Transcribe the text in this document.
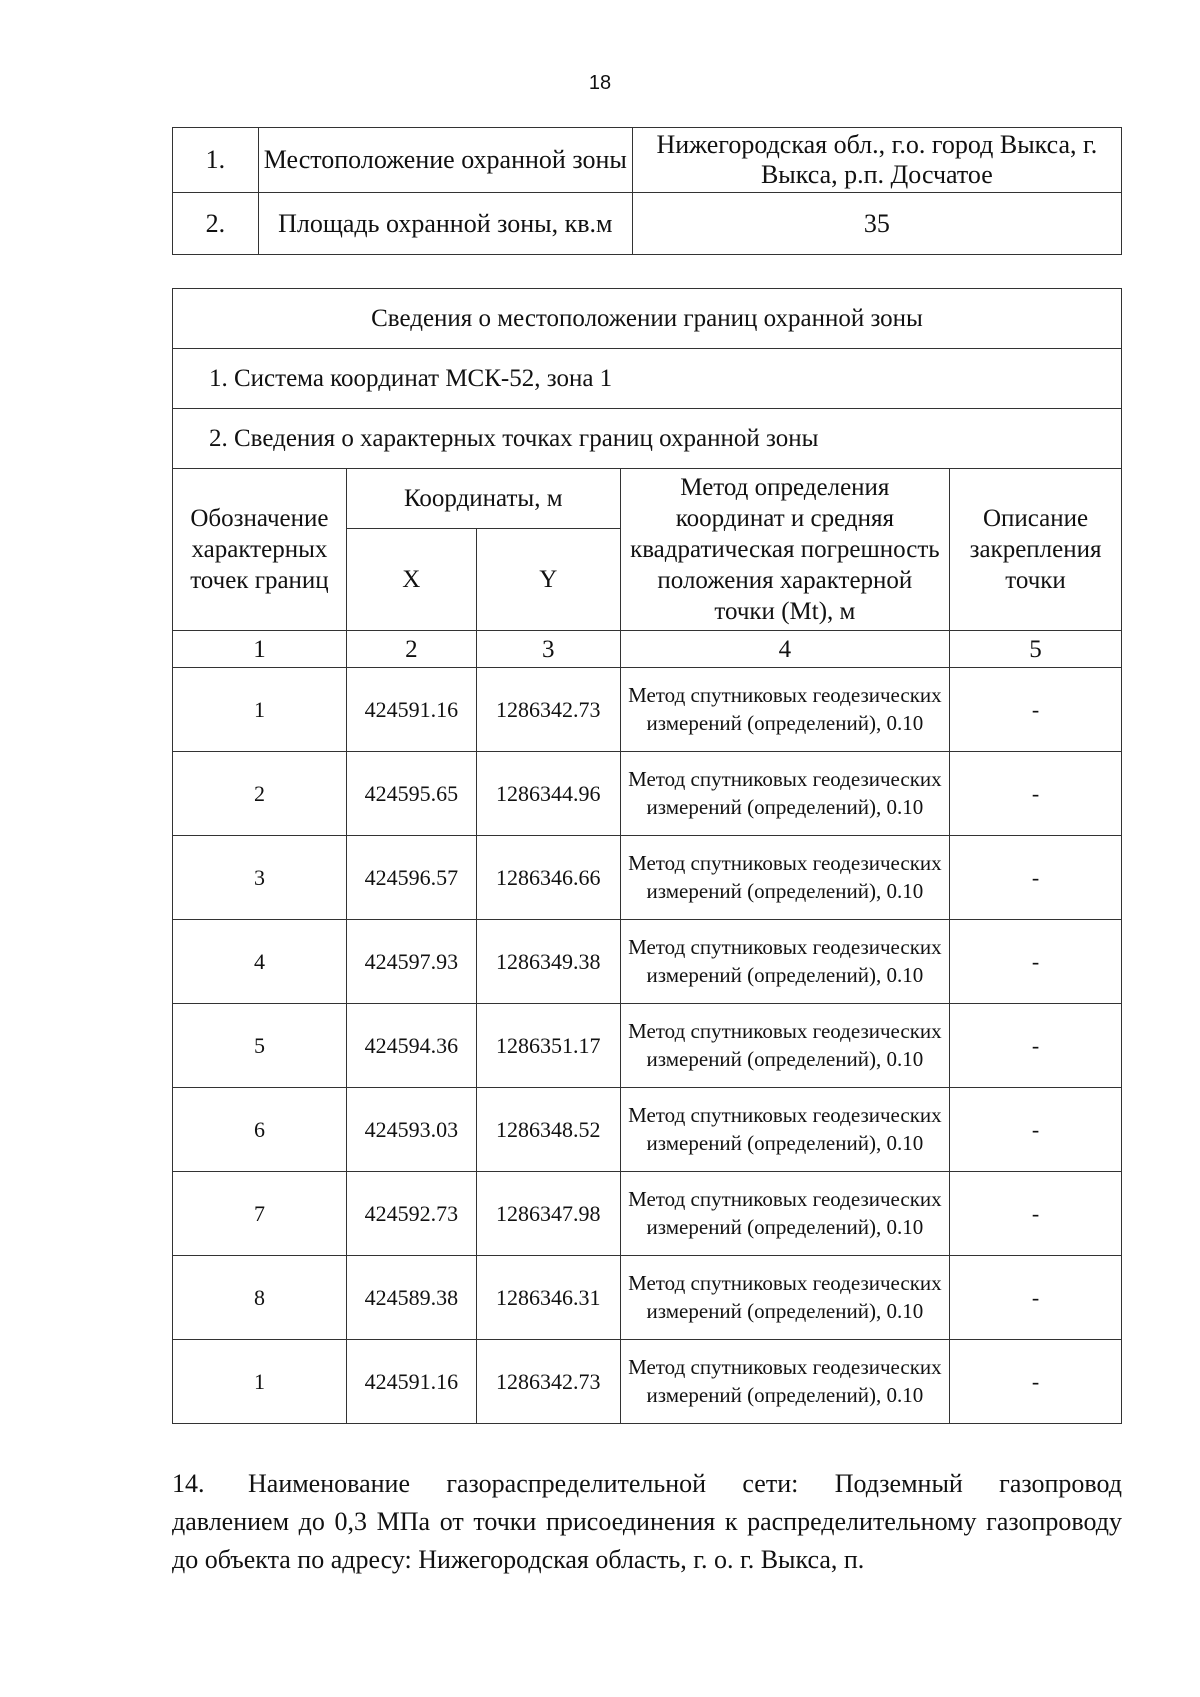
18
1.	Местоположение охранной зоны	Нижегородская обл., г.о. город Выкса, г. Выкса, р.п. Досчатое
2.	Площадь охранной зоны, кв.м	35
Сведения о местоположении границ охранной зоны				
1. Система координат МСК-52, зона 1				
2. Сведения о характерных точках границ охранной зоны				
Обозначение характерных точек границ	Координаты, м		Метод определения координат и средняя квадратическая погрешность положения характерной точки (Mt), м	Описание закрепления точки
	X	Y		
1	2	3	4	5
1	424591.16	1286342.73	Метод спутниковых геодезических измерений (определений), 0.10	-
2	424595.65	1286344.96	Метод спутниковых геодезических измерений (определений), 0.10	-
3	424596.57	1286346.66	Метод спутниковых геодезических измерений (определений), 0.10	-
4	424597.93	1286349.38	Метод спутниковых геодезических измерений (определений), 0.10	-
5	424594.36	1286351.17	Метод спутниковых геодезических измерений (определений), 0.10	-
6	424593.03	1286348.52	Метод спутниковых геодезических измерений (определений), 0.10	-
7	424592.73	1286347.98	Метод спутниковых геодезических измерений (определений), 0.10	-
8	424589.38	1286346.31	Метод спутниковых геодезических измерений (определений), 0.10	-
1	424591.16	1286342.73	Метод спутниковых геодезических измерений (определений), 0.10	-
14. Наименование газораспределительной сети: Подземный газопровод давлением до 0,3 МПа от точки присоединения к распределительному газопроводу до объекта по адресу: Нижегородская область, г. о. г. Выкса, п.
